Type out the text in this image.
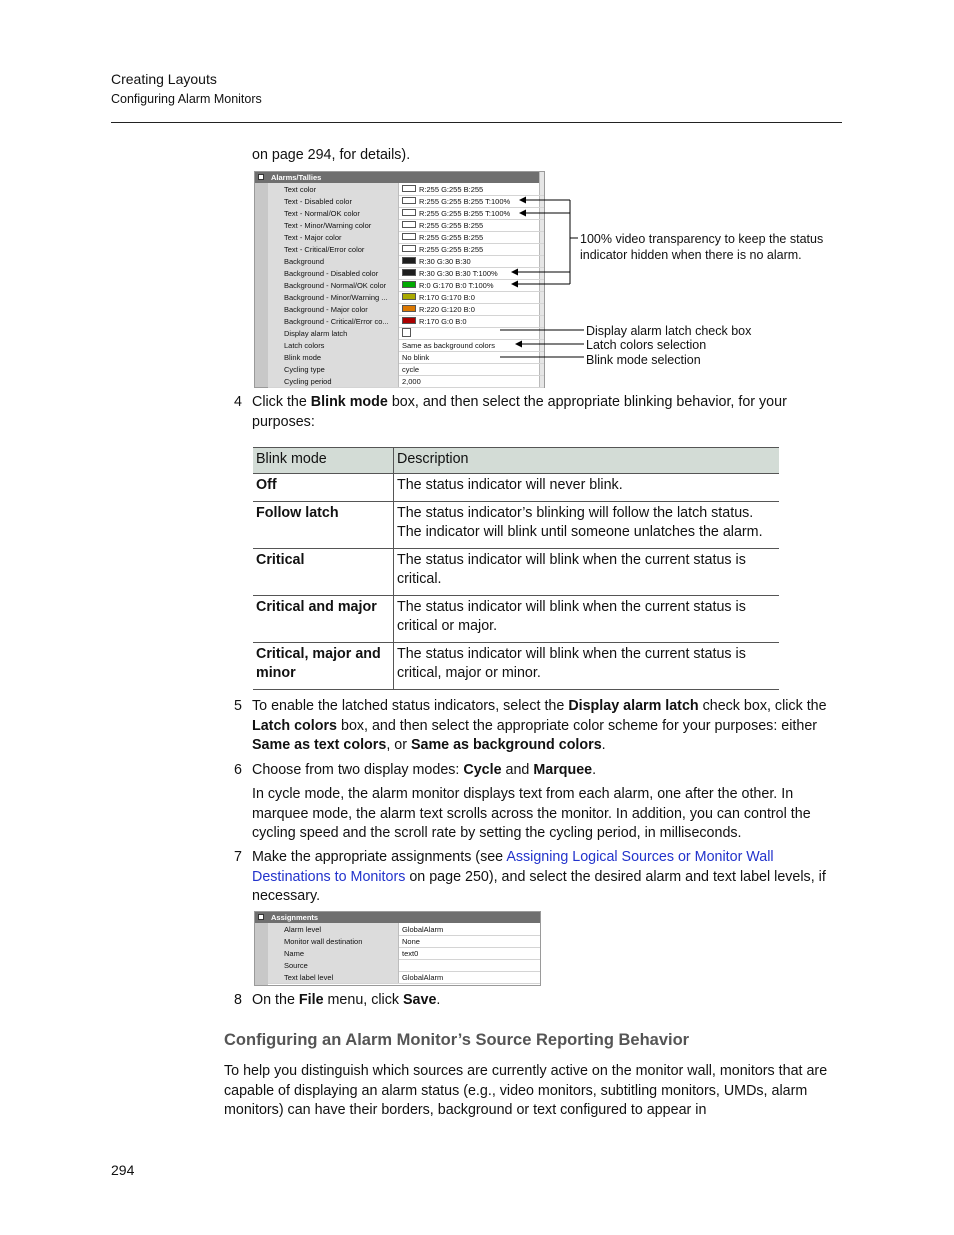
Creating Layouts
Configuring Alarm Monitors
on page 294, for details).
Alarms/Tallies
Text color	R:255 G:255 B:255
Text - Disabled color	R:255 G:255 B:255 T:100%
Text - Normal/OK color	R:255 G:255 B:255 T:100%
Text - Minor/Warning color	R:255 G:255 B:255
Text - Major color	R:255 G:255 B:255
Text - Critical/Error color	R:255 G:255 B:255
Background	R:30 G:30 B:30
Background - Disabled color	R:30 G:30 B:30 T:100%
Background - Normal/OK color	R:0 G:170 B:0 T:100%
Background - Minor/Warning ...	R:170 G:170 B:0
Background - Major color	R:220 G:120 B:0
Background - Critical/Error co...	R:170 G:0 B:0
Display alarm latch
Latch colors	Same as background colors
Blink mode	No blink
Cycling type	cycle
Cycling period	2,000
100% video transparency to keep the status indicator hidden when there is no alarm.
Display alarm latch check box
Latch colors selection
Blink mode selection
4 Click the Blink mode box, and then select the appropriate blinking behavior, for your purposes:
Blink mode	Description
Off	The status indicator will never blink.
Follow latch	The status indicator’s blinking will follow the latch status. The indicator will blink until someone unlatches the alarm.
Critical	The status indicator will blink when the current status is critical.
Critical and major	The status indicator will blink when the current status is critical or major.
Critical, major and minor	The status indicator will blink when the current status is critical, major or minor.
5 To enable the latched status indicators, select the Display alarm latch check box, click the Latch colors box, and then select the appropriate color scheme for your purposes: either Same as text colors, or Same as background colors.
6 Choose from two display modes: Cycle and Marquee.
In cycle mode, the alarm monitor displays text from each alarm, one after the other. In marquee mode, the alarm text scrolls across the monitor. In addition, you can control the cycling speed and the scroll rate by setting the cycling period, in milliseconds.
7 Make the appropriate assignments (see Assigning Logical Sources or Monitor Wall Destinations to Monitors on page 250), and select the desired alarm and text label levels, if necessary.
Assignments
Alarm level	GlobalAlarm
Monitor wall destination	None
Name	text0
Source
Text label level	GlobalAlarm
8 On the File menu, click Save.
Configuring an Alarm Monitor’s Source Reporting Behavior
To help you distinguish which sources are currently active on the monitor wall, monitors that are capable of displaying an alarm status (e.g., video monitors, subtitling monitors, UMDs, alarm monitors) can have their borders, background or text configured to appear in
294
